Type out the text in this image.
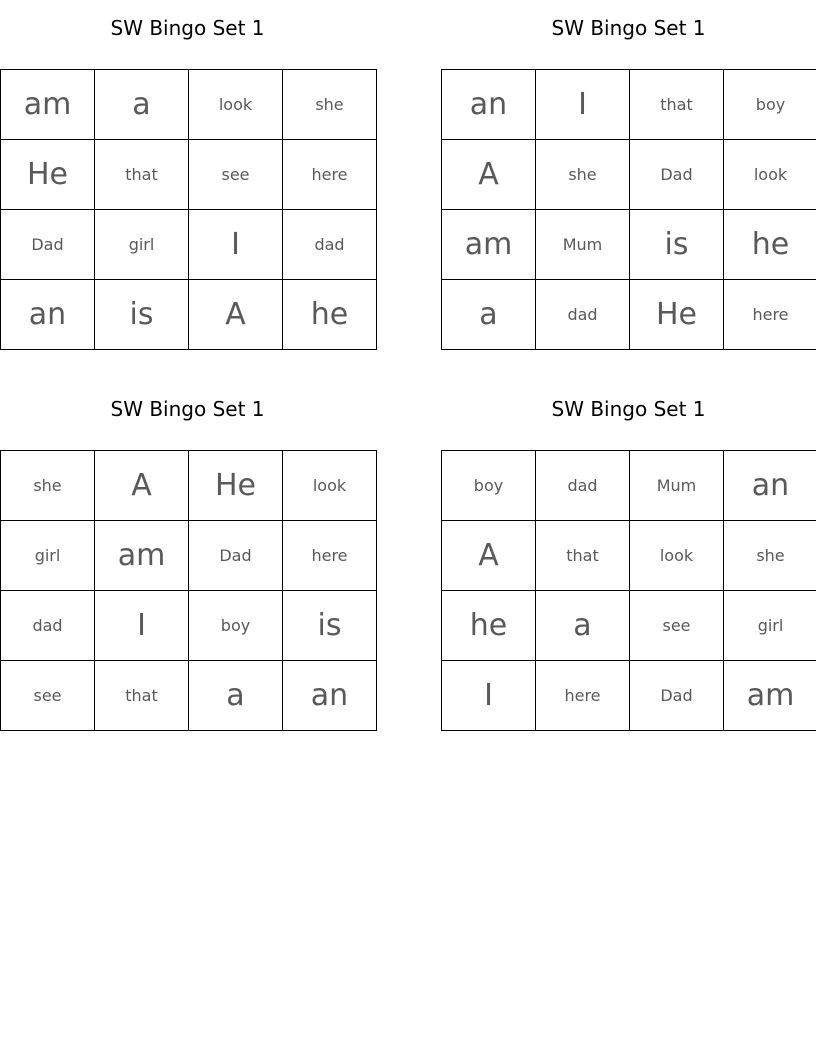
SW Bingo Set 1
am	a	look	she
He	that	see	here
Dad	girl	I	dad
an	is	A	he
SW Bingo Set 1
an	I	that	boy
A	she	Dad	look
am	Mum	is	he
a	dad	He	here
SW Bingo Set 1
she	A	He	look
girl	am	Dad	here
dad	I	boy	is
see	that	a	an
SW Bingo Set 1
boy	dad	Mum	an
A	that	look	she
he	a	see	girl
I	here	Dad	am
